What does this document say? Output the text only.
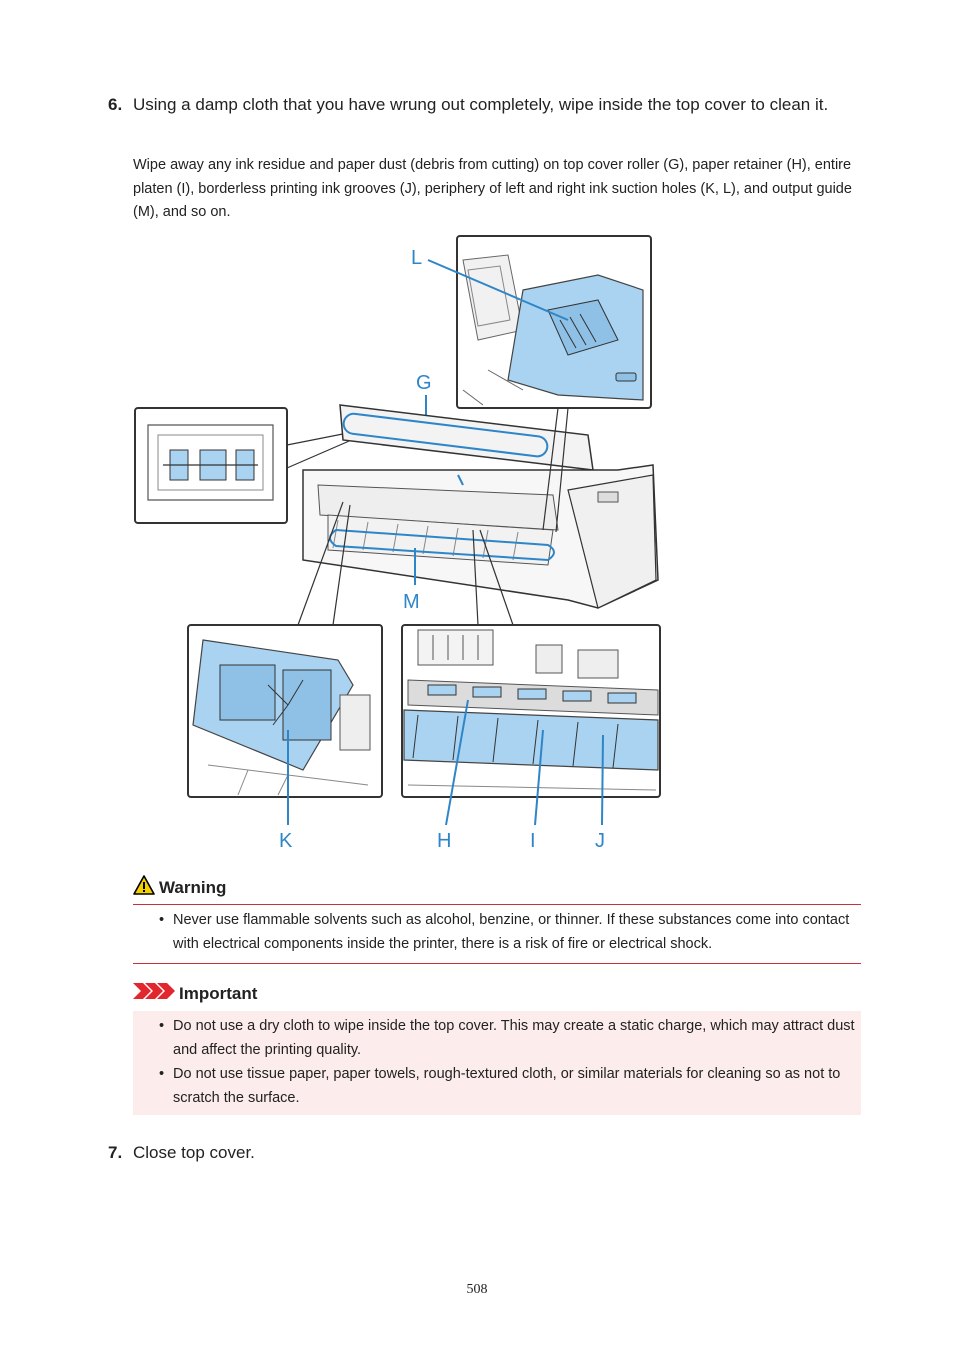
6. Using a damp cloth that you have wrung out completely, wipe inside the top cover to clean it.
Wipe away any ink residue and paper dust (debris from cutting) on top cover roller (G), paper retainer (H), entire platen (I), borderless printing ink grooves (J), periphery of left and right ink suction holes (K, L), and output guide (M), and so on.
L
G
M
K	H	I	J
Warning
• Never use flammable solvents such as alcohol, benzine, or thinner. If these substances come into contact with electrical components inside the printer, there is a risk of fire or electrical shock.
Important
• Do not use a dry cloth to wipe inside the top cover. This may create a static charge, which may attract dust and affect the printing quality.
• Do not use tissue paper, paper towels, rough-textured cloth, or similar materials for cleaning so as not to scratch the surface.
7. Close top cover.
508
